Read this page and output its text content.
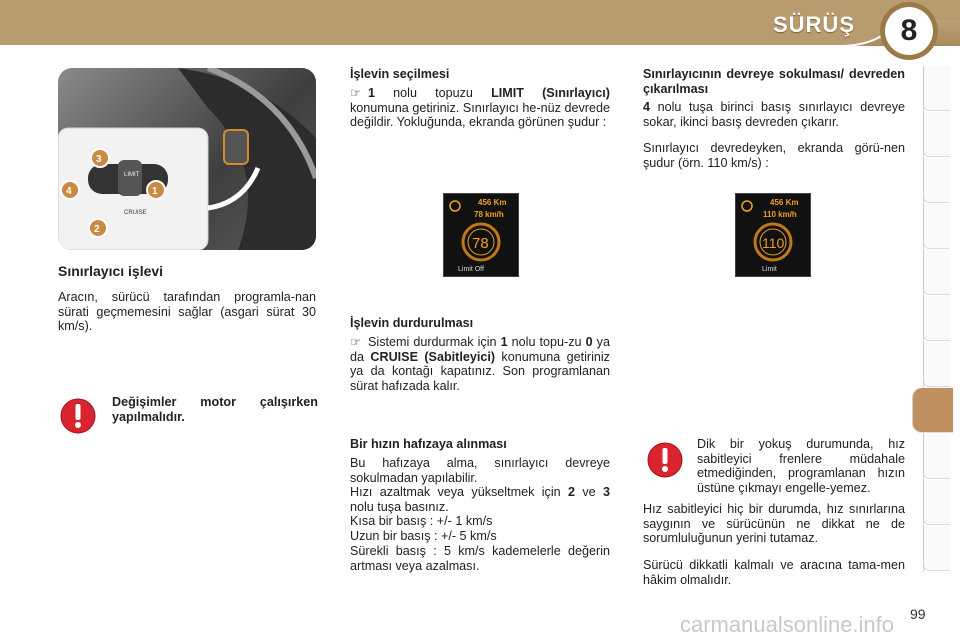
SÜRÜŞ	8
LIMIT
CRUISE
3
4	1
2
Sınırlayıcı işlevi
Aracın, sürücü tarafından programla-nan sürati geçmemesini sağlar (asgari sürat 30 km/s).
Değişimler motor çalışırken yapılmalıdır.
İşlevin seçilmesi
☞ 1 nolu topuzu LIMIT (Sınırlayıcı) konumuna getiriniz. Sınırlayıcı he-nüz devrede değildir. Yokluğunda, ekranda görünen şudur :
456 Km
78 km/h
78
Limit Off
İşlevin durdurulması
☞ Sistemi durdurmak için 1 nolu topu-zu 0 ya da CRUISE (Sabitleyici) konumuna getiriniz ya da kontağı kapatınız. Son programlanan sürat hafızada kalır.
Bir hızın hafızaya alınması
Bu hafızaya alma, sınırlayıcı devreye sokulmadan yapılabilir.
Hızı azaltmak veya yükseltmek için 2 ve 3 nolu tuşa basınız.
Kısa bir basış : +/- 1 km/s
Uzun bir basış : +/- 5 km/s
Sürekli basış : 5 km/s kademelerle değerin artması veya azalması.
Sınırlayıcının devreye sokulması/ devreden çıkarılması
4 nolu tuşa birinci basış sınırlayıcı devreye sokar, ikinci basış devreden çıkarır.
Sınırlayıcı devredeyken, ekranda görü-nen şudur (örn. 110 km/s) :
456 Km
110 km/h
110
Limit
Dik bir yokuş durumunda, hız sabitleyici frenlere müdahale etmediğinden, programlanan hızın üstüne çıkmayı engelle-yemez.
Hız sabitleyici hiç bir durumda, hız sınırlarına saygının ve sürücünün ne dikkat ne de sorumluluğunun yerini tutamaz.
Sürücü dikkatli kalmalı ve aracına tama-men hâkim olmalıdır.
carmanualsonline.info 99
